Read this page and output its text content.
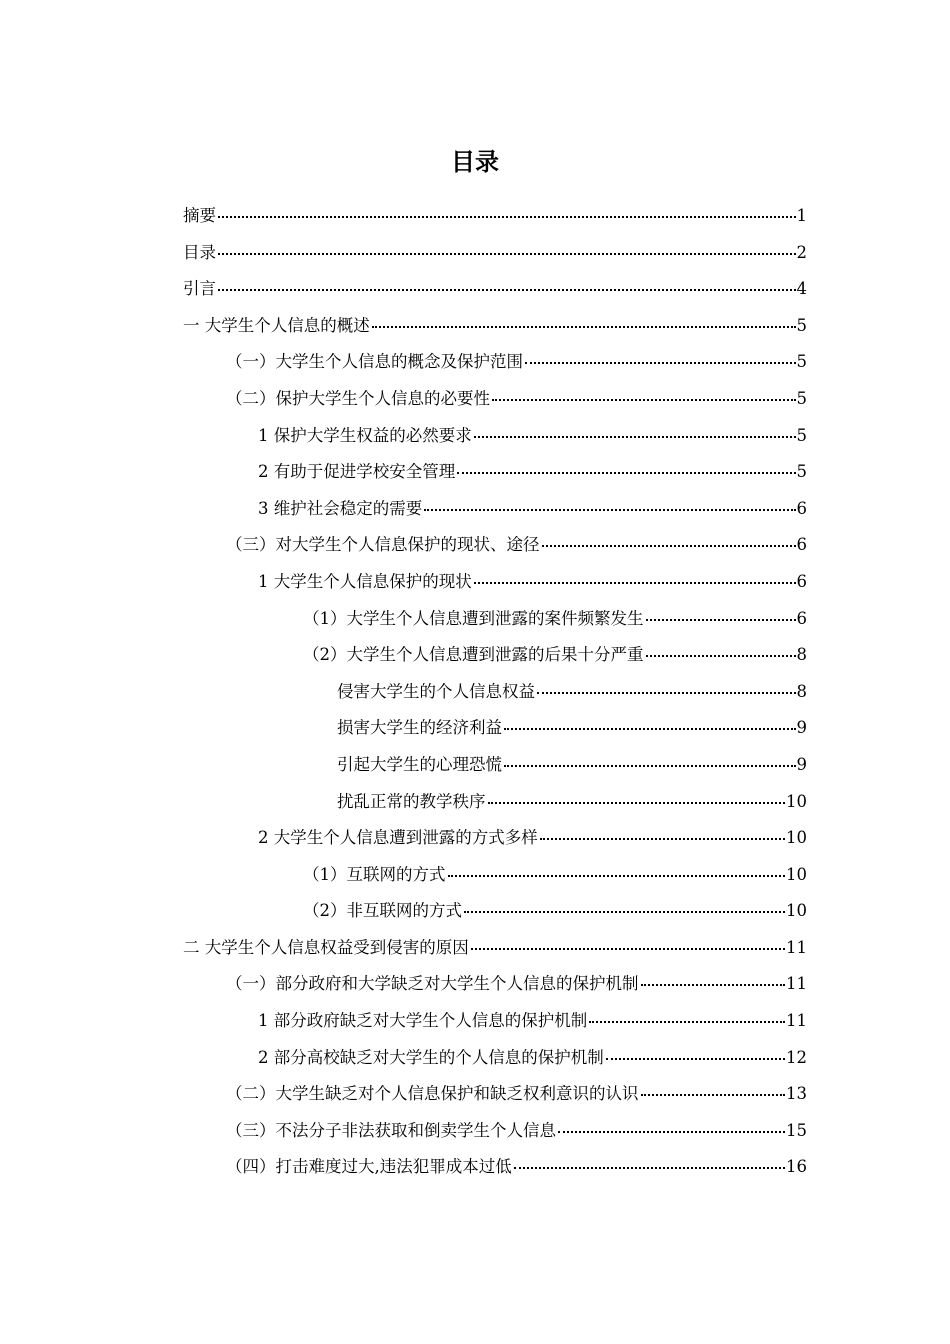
目录
摘要	1
目录	2
引言	4
一 大学生个人信息的概述	5
（一）大学生个人信息的概念及保护范围	5
（二）保护大学生个人信息的必要性	5
1 保护大学生权益的必然要求	5
2 有助于促进学校安全管理	5
3 维护社会稳定的需要	6
（三）对大学生个人信息保护的现状、途径	6
1 大学生个人信息保护的现状	6
（1）大学生个人信息遭到泄露的案件频繁发生	6
（2）大学生个人信息遭到泄露的后果十分严重	8
侵害大学生的个人信息权益	8
损害大学生的经济利益	9
引起大学生的心理恐慌	9
扰乱正常的教学秩序	10
2 大学生个人信息遭到泄露的方式多样	10
（1）互联网的方式	10
（2）非互联网的方式	10
二 大学生个人信息权益受到侵害的原因	11
（一）部分政府和大学缺乏对大学生个人信息的保护机制	11
1 部分政府缺乏对大学生个人信息的保护机制	11
2 部分高校缺乏对大学生的个人信息的保护机制	12
（二）大学生缺乏对个人信息保护和缺乏权利意识的认识	13
（三）不法分子非法获取和倒卖学生个人信息	15
（四）打击难度过大,违法犯罪成本过低	16
